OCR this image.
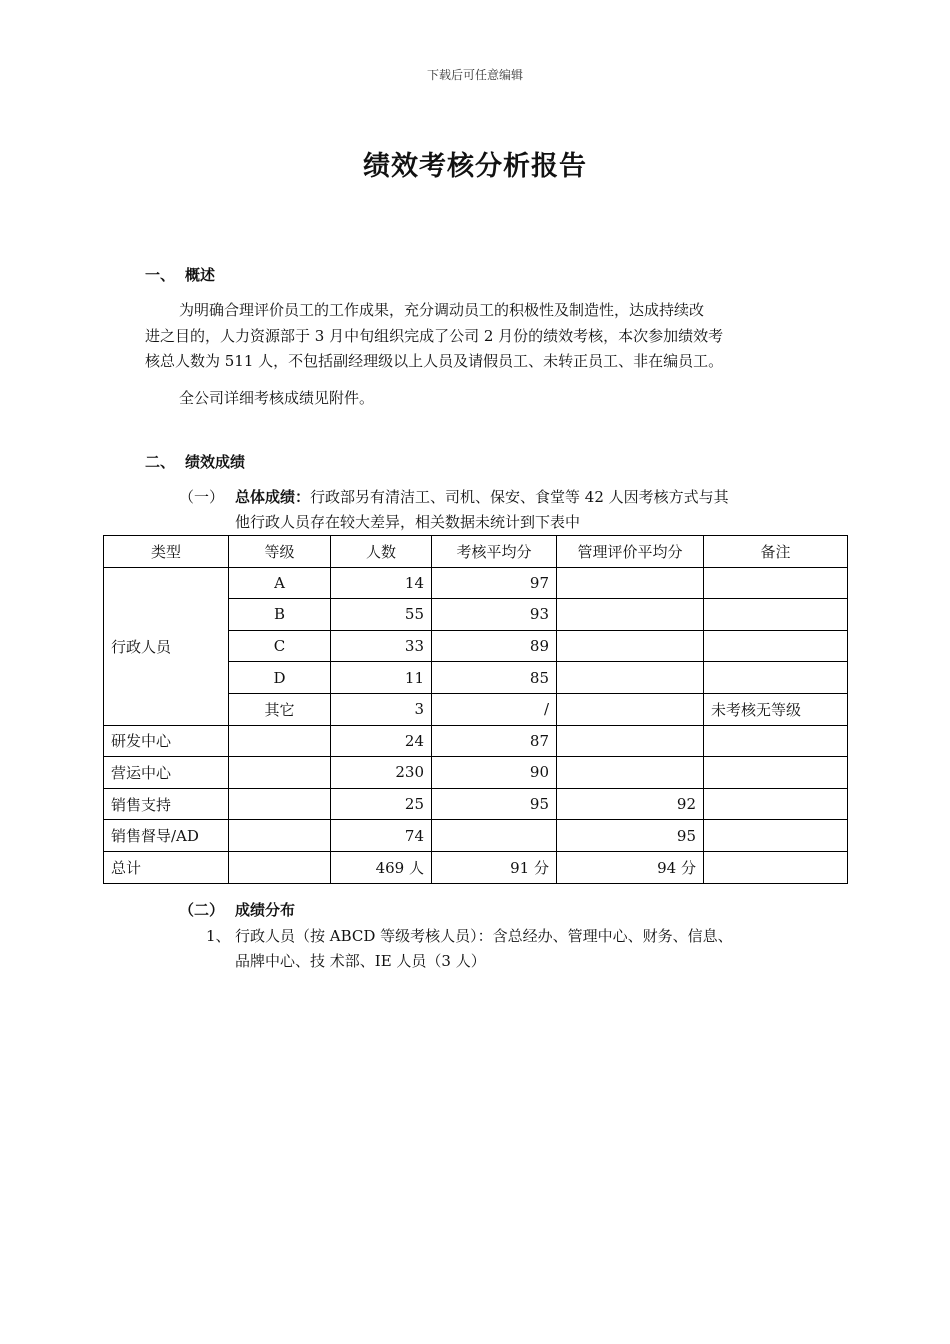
下载后可任意编辑
绩效考核分析报告
一、 概述
为明确合理评价员工的工作成果，充分调动员工的积极性及制造性，达成持续改
进之目的，人力资源部于 3 月中旬组织完成了公司 2 月份的绩效考核，本次参加绩效考
核总人数为 511 人，不包括副经理级以上人员及请假员工、未转正员工、非在编员工。
全公司详细考核成绩见附件。
二、 绩效成绩
（一） 总体成绩：行政部另有清洁工、司机、保安、食堂等 42 人因考核方式与其
他行政人员存在较大差异，相关数据未统计到下表中
类型	等级	人数	考核平均分	管理评价平均分	备注
行政人员	A	14	97		
	B	55	93		
	C	33	89		
	D	11	85		
	其它	3	/		未考核无等级
研发中心		24	87		
营运中心		230	90		
销售支持		25	95	92	
销售督导/AD		74		95	
总计		469 人	91 分	94 分	
（二） 成绩分布
1、 行政人员（按 ABCD 等级考核人员）：含总经办、管理中心、财务、信息、
品牌中心、技 术部、IE 人员（3 人）
